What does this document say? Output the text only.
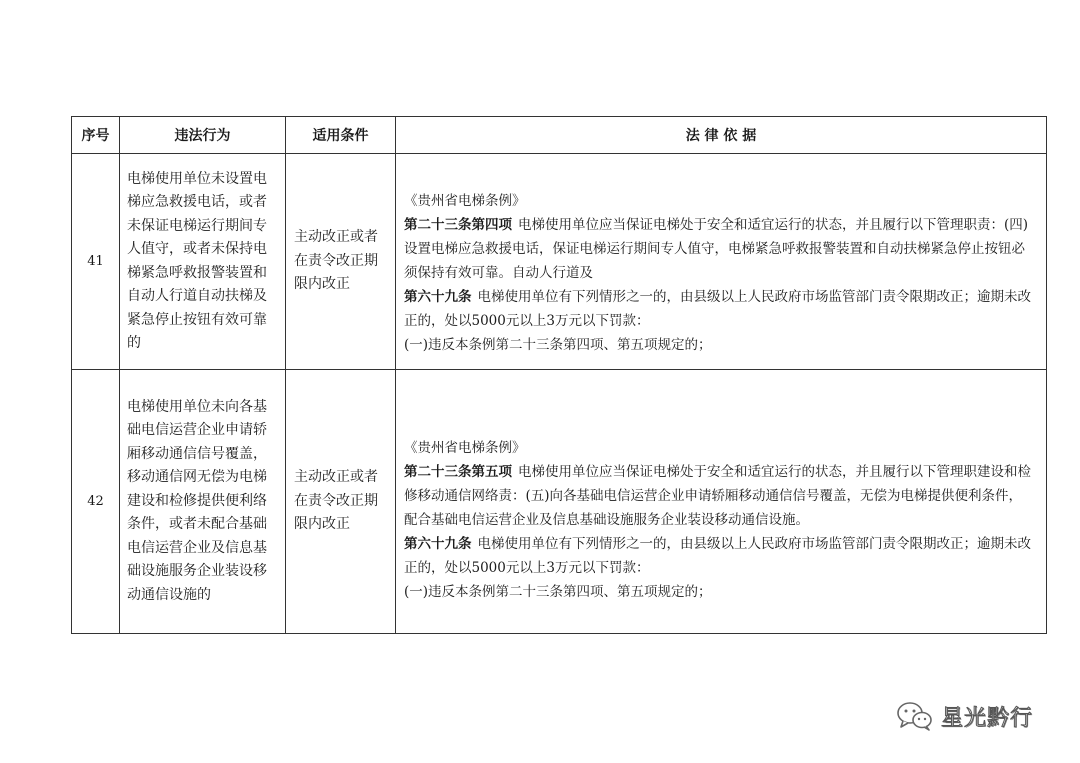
序号	违法行为	适用条件	法 律 依 据
41	电梯使用单位未设置电梯应急救援电话，或者未保证电梯运行期间专人值守，或者未保持电梯紧急呼救报警装置和自动人行道自动扶梯及紧急停止按钮有效可靠的	主动改正或者在责令改正期限内改正	《贵州省电梯条例》
第二十三条第四项 电梯使用单位应当保证电梯处于安全和适宜运行的状态，并且履行以下管理职责：(四)设置电梯应急救援电话，保证电梯运行期间专人值守，电梯紧急呼救报警装置和自动扶梯紧急停止按钮必须保持有效可靠。自动人行道及
第六十九条 电梯使用单位有下列情形之一的，由县级以上人民政府市场监管部门责令限期改正；逾期未改正的，处以5000元以上3万元以下罚款：
(一)违反本条例第二十三条第四项、第五项规定的；

42	电梯使用单位未向各基础电信运营企业申请轿厢移动通信信号覆盖，移动通信网无偿为电梯建设和检修提供便利络条件，或者未配合基础电信运营企业及信息基础设施服务企业装设移动通信设施的	主动改正或者在责令改正期限内改正	《贵州省电梯条例》
第二十三条第五项 电梯使用单位应当保证电梯处于安全和适宜运行的状态，并且履行以下管理职建设和检修移动通信网络责：(五)向各基础电信运营企业申请轿厢移动通信信号覆盖，无偿为电梯提供便利条件，配合基础电信运营企业及信息基础设施服务企业装设移动通信设施。
第六十九条 电梯使用单位有下列情形之一的，由县级以上人民政府市场监管部门责令限期改正；逾期未改正的，处以5000元以上3万元以下罚款：
(一)违反本条例第二十三条第四项、第五项规定的；
星光黔行
